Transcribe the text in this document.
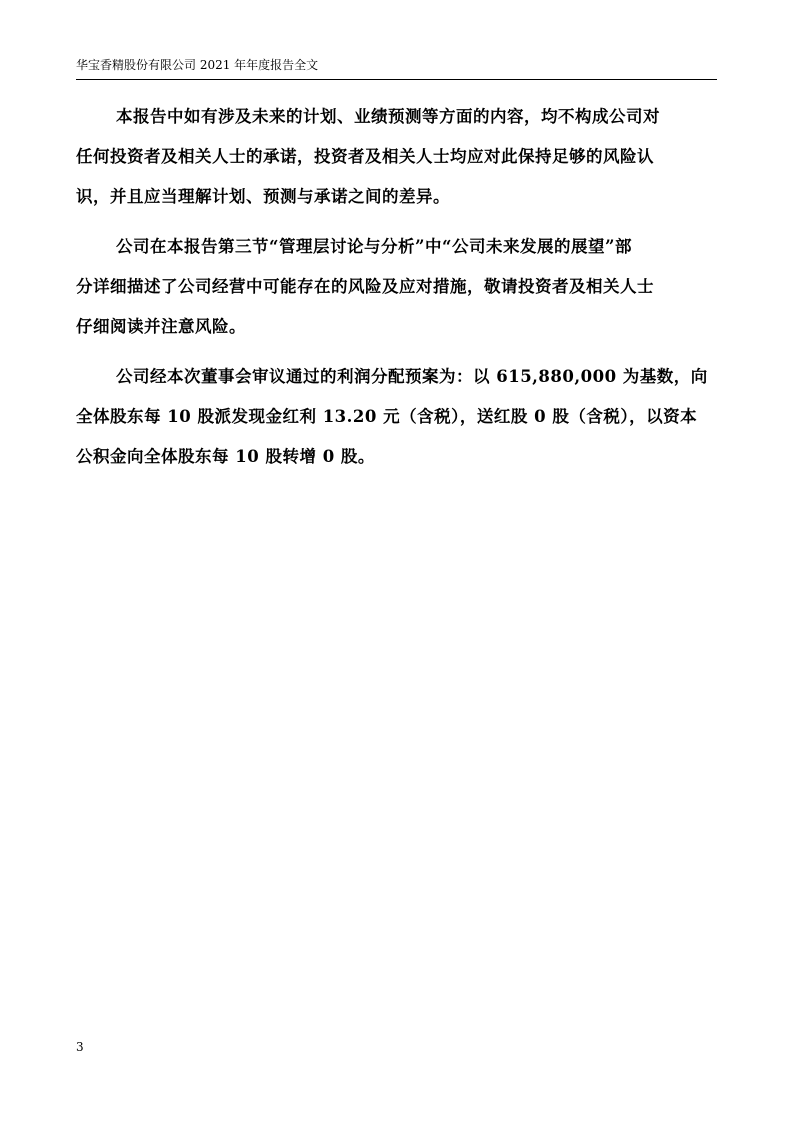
华宝香精股份有限公司 2021 年年度报告全文

本报告中如有涉及未来的计划、业绩预测等方面的内容，均不构成公司对
任何投资者及相关人士的承诺，投资者及相关人士均应对此保持足够的风险认
识，并且应当理解计划、预测与承诺之间的差异。

公司在本报告第三节“管理层讨论与分析”中“公司未来发展的展望”部
分详细描述了公司经营中可能存在的风险及应对措施，敬请投资者及相关人士
仔细阅读并注意风险。

公司经本次董事会审议通过的利润分配预案为：以 615,880,000 为基数，向
全体股东每 10 股派发现金红利 13.20 元（含税），送红股 0 股（含税），以资本
公积金向全体股东每 10 股转增 0 股。

3
